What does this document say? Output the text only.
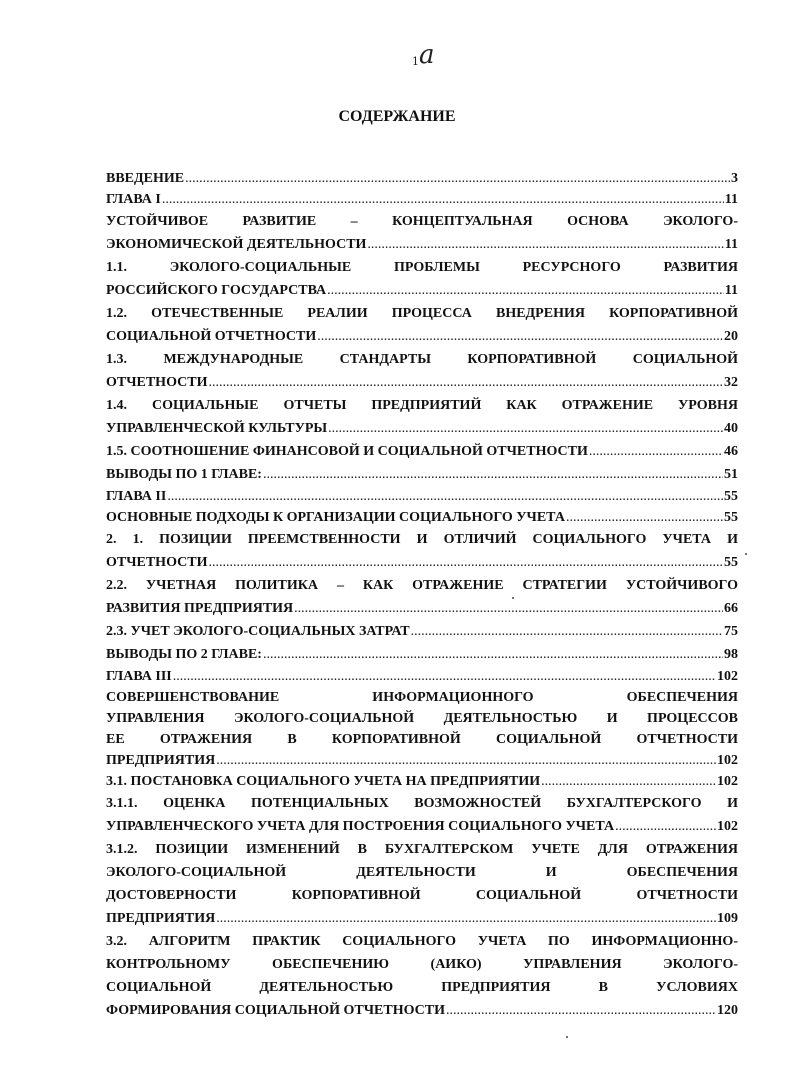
1a
СОДЕРЖАНИЕ
ВВЕДЕНИЕ .....	3
ГЛАВА I .....	11
УСТОЙЧИВОЕ РАЗВИТИЕ – КОНЦЕПТУАЛЬНАЯ ОСНОВА ЭКОЛОГО-
ЭКОНОМИЧЕСКОЙ ДЕЯТЕЛЬНОСТИ .....	11
1.1. ЭКОЛОГО-СОЦИАЛЬНЫЕ ПРОБЛЕМЫ РЕСУРСНОГО РАЗВИТИЯ
РОССИЙСКОГО ГОСУДАРСТВА .....	11
1.2. ОТЕЧЕСТВЕННЫЕ РЕАЛИИ ПРОЦЕССА ВНЕДРЕНИЯ КОРПОРАТИВНОЙ
СОЦИАЛЬНОЙ ОТЧЕТНОСТИ .....	20
1.3. МЕЖДУНАРОДНЫЕ СТАНДАРТЫ КОРПОРАТИВНОЙ СОЦИАЛЬНОЙ
ОТЧЕТНОСТИ .....	32
1.4. СОЦИАЛЬНЫЕ ОТЧЕТЫ ПРЕДПРИЯТИЙ КАК ОТРАЖЕНИЕ УРОВНЯ
УПРАВЛЕНЧЕСКОЙ КУЛЬТУРЫ .....	40
1.5. СООТНОШЕНИЕ ФИНАНСОВОЙ И СОЦИАЛЬНОЙ ОТЧЕТНОСТИ .....	46
ВЫВОДЫ ПО 1 ГЛАВЕ: .....	51
ГЛАВА II .....	55
ОСНОВНЫЕ ПОДХОДЫ К ОРГАНИЗАЦИИ СОЦИАЛЬНОГО УЧЕТА .....	55
2. 1. ПОЗИЦИИ ПРЕЕМСТВЕННОСТИ И ОТЛИЧИЙ СОЦИАЛЬНОГО УЧЕТА И
ОТЧЕТНОСТИ .....	55
2.2. УЧЕТНАЯ ПОЛИТИКА – КАК ОТРАЖЕНИЕ СТРАТЕГИИ УСТОЙЧИВОГО
РАЗВИТИЯ ПРЕДПРИЯТИЯ .....	66
2.3. УЧЕТ ЭКОЛОГО-СОЦИАЛЬНЫХ ЗАТРАТ .....	75
ВЫВОДЫ ПО 2 ГЛАВЕ: .....	98
ГЛАВА III .....	102
СОВЕРШЕНСТВОВАНИЕ ИНФОРМАЦИОННОГО ОБЕСПЕЧЕНИЯ
УПРАВЛЕНИЯ ЭКОЛОГО-СОЦИАЛЬНОЙ ДЕЯТЕЛЬНОСТЬЮ И ПРОЦЕССОВ
ЕЕ ОТРАЖЕНИЯ В КОРПОРАТИВНОЙ СОЦИАЛЬНОЙ ОТЧЕТНОСТИ
ПРЕДПРИЯТИЯ .....	102
3.1. ПОСТАНОВКА СОЦИАЛЬНОГО УЧЕТА НА ПРЕДПРИЯТИИ .....	102
3.1.1. ОЦЕНКА ПОТЕНЦИАЛЬНЫХ ВОЗМОЖНОСТЕЙ БУХГАЛТЕРСКОГО И
УПРАВЛЕНЧЕСКОГО УЧЕТА ДЛЯ ПОСТРОЕНИЯ СОЦИАЛЬНОГО УЧЕТА .....	102
3.1.2. ПОЗИЦИИ ИЗМЕНЕНИЙ В БУХГАЛТЕРСКОМ УЧЕТЕ ДЛЯ ОТРАЖЕНИЯ
ЭКОЛОГО-СОЦИАЛЬНОЙ ДЕЯТЕЛЬНОСТИ И ОБЕСПЕЧЕНИЯ
ДОСТОВЕРНОСТИ КОРПОРАТИВНОЙ СОЦИАЛЬНОЙ ОТЧЕТНОСТИ
ПРЕДПРИЯТИЯ .....	109
3.2. АЛГОРИТМ ПРАКТИК СОЦИАЛЬНОГО УЧЕТА ПО ИНФОРМАЦИОННО-
КОНТРОЛЬНОМУ ОБЕСПЕЧЕНИЮ (АИКО) УПРАВЛЕНИЯ ЭКОЛОГО-
СОЦИАЛЬНОЙ ДЕЯТЕЛЬНОСТЬЮ ПРЕДПРИЯТИЯ В УСЛОВИЯХ
ФОРМИРОВАНИЯ СОЦИАЛЬНОЙ ОТЧЕТНОСТИ .....	120
